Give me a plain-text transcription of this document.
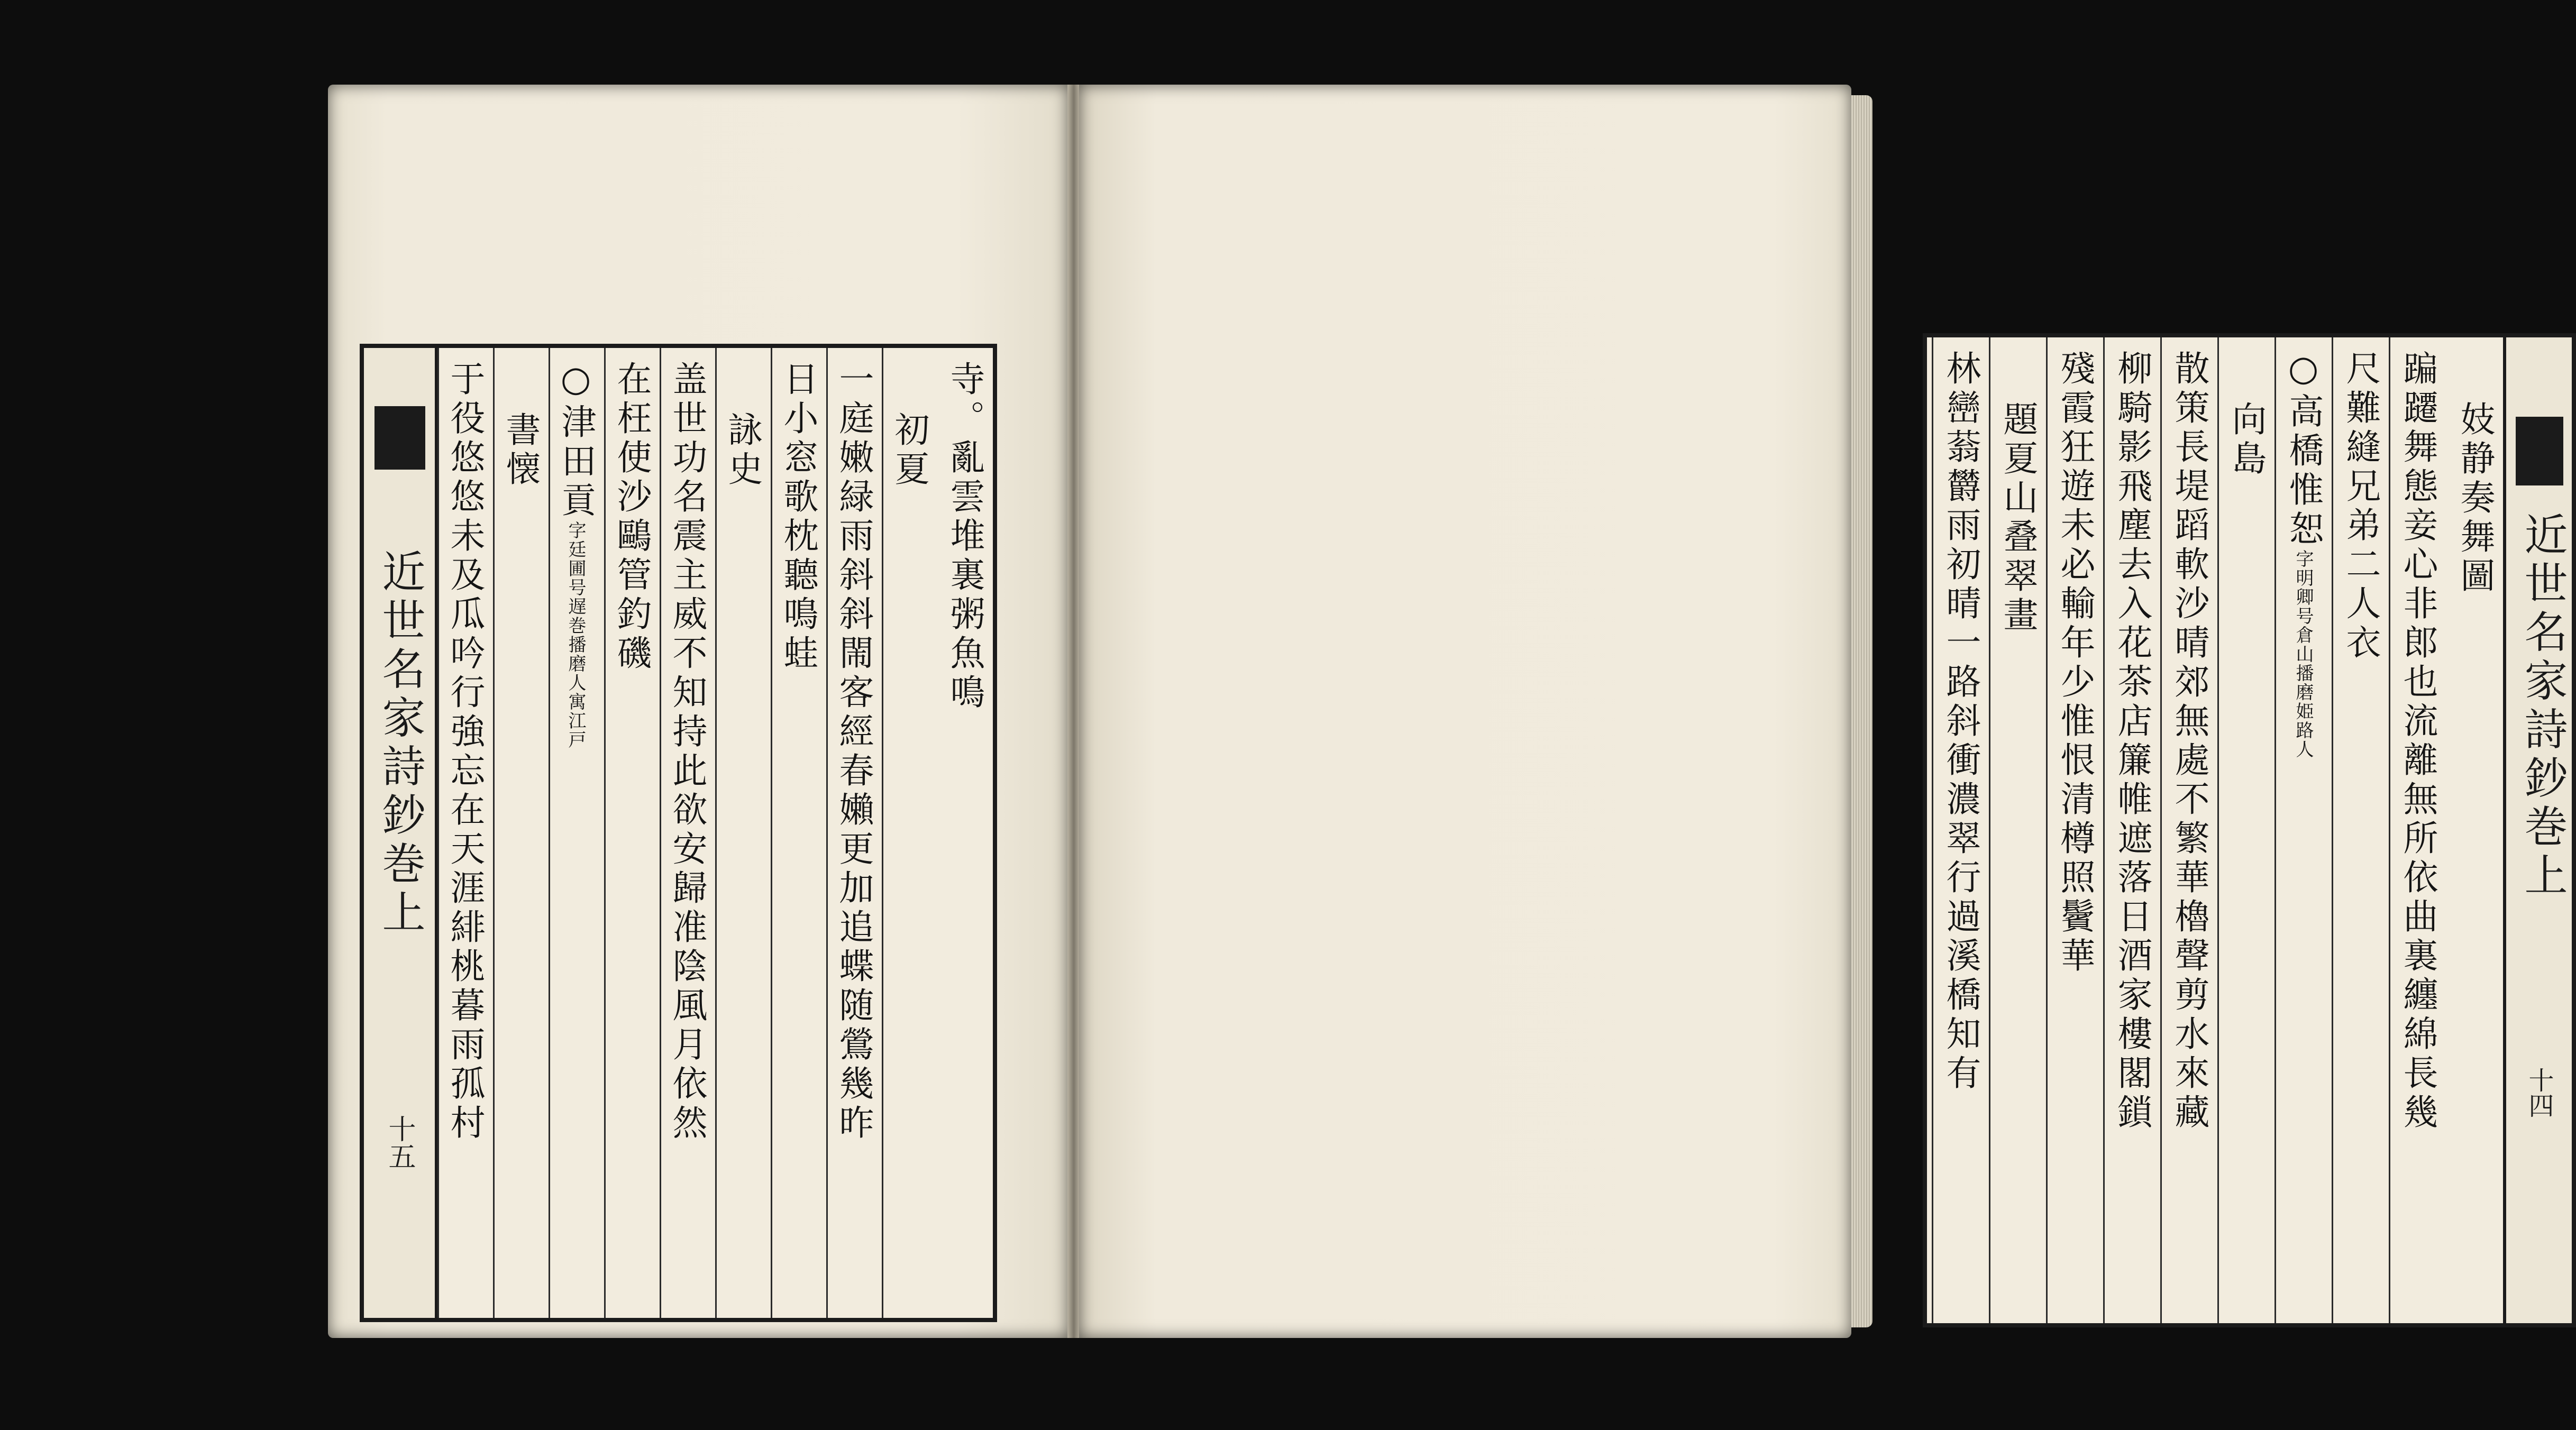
近世名家詩鈔巻上
十五
寺。亂雲堆裏粥魚鳴
初夏
一庭嫩緑雨斜斜閙客經春嬾更加追蝶随鶯幾昨
日小窓歌枕聽鳴蛙
詠史
盖世功名震主威不知持此欲安歸准陰風月依然
在枉使沙鷗管釣磯
○津田貢字廷圃号遅巻播磨人寓江戸
書懐
于役悠悠未及瓜吟行強忘在天涯緋桃暮雨孤村	妓静奏舞圖
蹁躚舞態妾心非郎也流離無所依曲裏纏綿長幾
尺難縫兄弟二人衣
○高橋惟恕字明卿号倉山播磨姫路人
向島
散策長堤蹈軟沙晴郊無處不繁華櫓聲剪水來藏
柳騎影飛塵去入花茶店簾帷遮落日酒家樓閣鎖
殘霞狂遊未必輸年少惟恨清樽照鬢華
題夏山叠翠畫
林巒蓊欝雨初晴一路斜衝濃翠行過溪橋知有	近世名家詩鈔巻上
十四
